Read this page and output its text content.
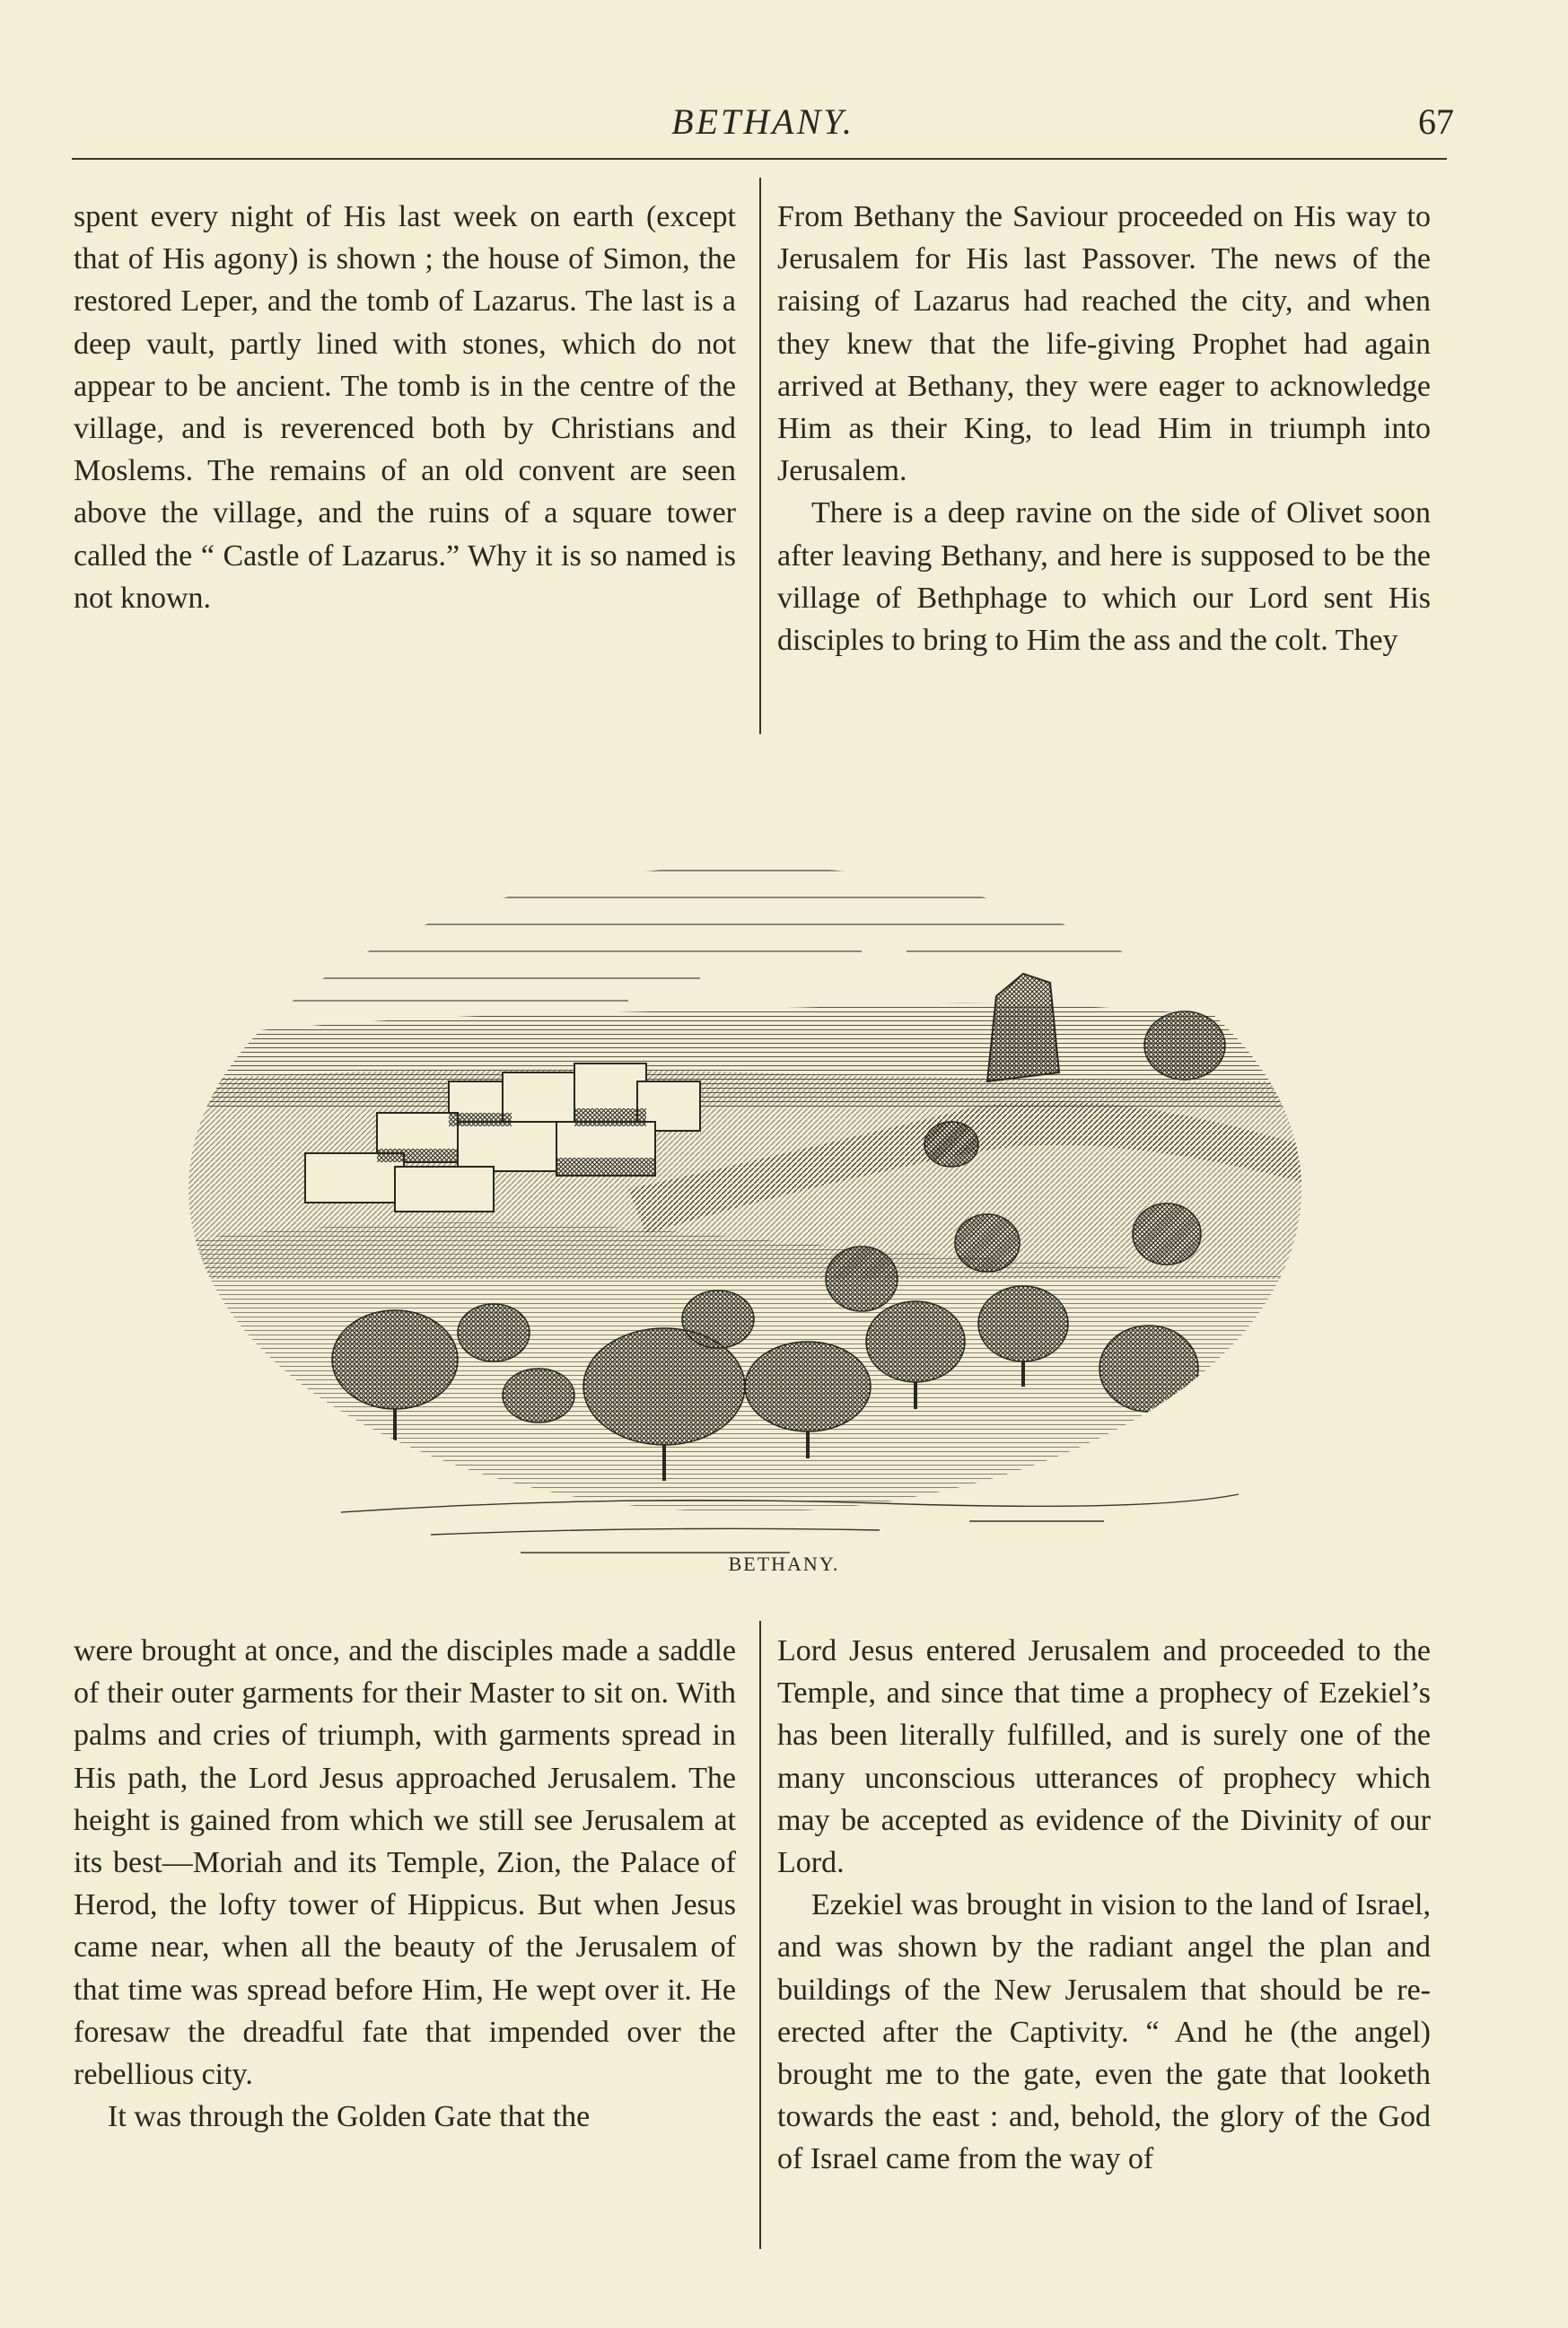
BETHANY.	67

spent every night of His last week on earth (except that of His agony) is shown ; the house of Simon, the restored Leper, and the tomb of Lazarus. The last is a deep vault, partly lined with stones, which do not appear to be ancient. The tomb is in the centre of the village, and is reverenced both by Christians and Moslems. The remains of an old convent are seen above the village, and the ruins of a square tower called the “ Castle of Lazarus.” Why it is so named is not known.

From Bethany the Saviour proceeded on His way to Jerusalem for His last Passover. The news of the raising of Lazarus had reached the city, and when they knew that the life-giving Prophet had again arrived at Bethany, they were eager to acknowledge Him as their King, to lead Him in triumph into Jerusalem.

There is a deep ravine on the side of Olivet soon after leaving Bethany, and here is supposed to be the village of Bethphage to which our Lord sent His disciples to bring to Him the ass and the colt. They

BETHANY.

were brought at once, and the disciples made a saddle of their outer garments for their Master to sit on. With palms and cries of triumph, with garments spread in His path, the Lord Jesus approached Jerusalem. The height is gained from which we still see Jerusalem at its best—Moriah and its Temple, Zion, the Palace of Herod, the lofty tower of Hippicus. But when Jesus came near, when all the beauty of the Jerusalem of that time was spread before Him, He wept over it. He foresaw the dreadful fate that impended over the rebellious city.

It was through the Golden Gate that the

Lord Jesus entered Jerusalem and proceeded to the Temple, and since that time a prophecy of Ezekiel’s has been literally fulfilled, and is surely one of the many unconscious utterances of prophecy which may be accepted as evidence of the Divinity of our Lord.

Ezekiel was brought in vision to the land of Israel, and was shown by the radiant angel the plan and buildings of the New Jerusalem that should be re-erected after the Captivity. “ And he (the angel) brought me to the gate, even the gate that looketh towards the east : and, behold, the glory of the God of Israel came from the way of
